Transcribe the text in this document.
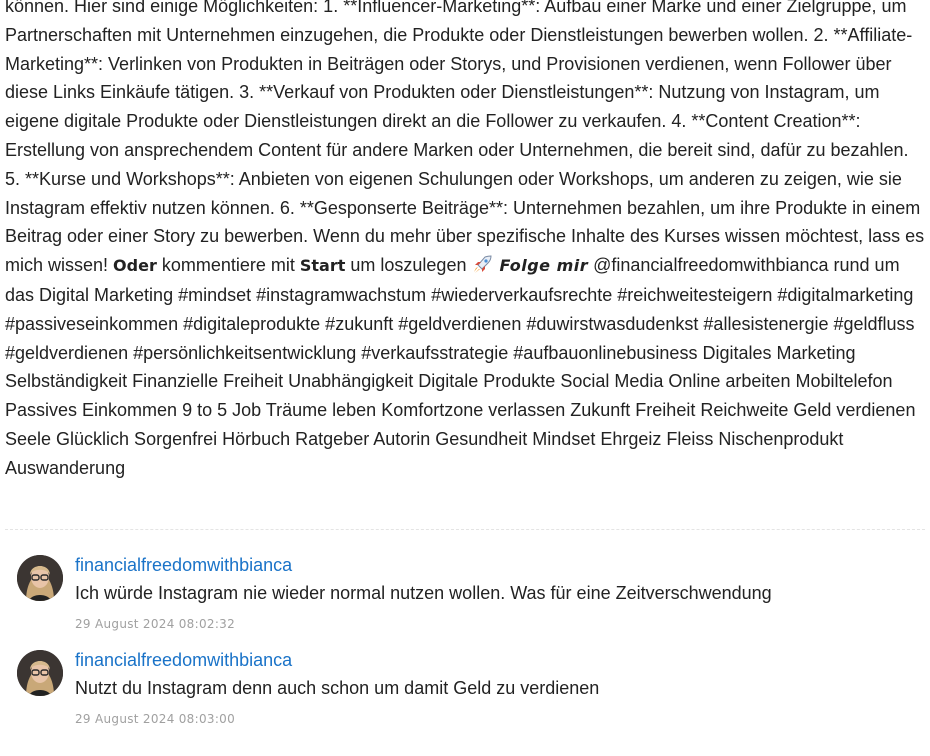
können. Hier sind einige Möglichkeiten: 1. **Influencer-Marketing**: Aufbau einer Marke und einer Zielgruppe, um Partnerschaften mit Unternehmen einzugehen, die Produkte oder Dienstleistungen bewerben wollen. 2. **Affiliate-Marketing**: Verlinken von Produkten in Beiträgen oder Storys, und Provisionen verdienen, wenn Follower über diese Links Einkäufe tätigen. 3. **Verkauf von Produkten oder Dienstleistungen**: Nutzung von Instagram, um eigene digitale Produkte oder Dienstleistungen direkt an die Follower zu verkaufen. 4. **Content Creation**: Erstellung von ansprechendem Content für andere Marken oder Unternehmen, die bereit sind, dafür zu bezahlen. 5. **Kurse und Workshops**: Anbieten von eigenen Schulungen oder Workshops, um anderen zu zeigen, wie sie Instagram effektiv nutzen können. 6. **Gesponserte Beiträge**: Unternehmen bezahlen, um ihre Produkte in einem Beitrag oder einer Story zu bewerben. Wenn du mehr über spezifische Inhalte des Kurses wissen möchtest, lass es mich wissen! Oder kommentiere mit Start um loszulegen  Folge mir @financialfreedomwithbianca rund um das Digital Marketing #mindset #instagramwachstum #wiederverkaufsrechte #reichweitesteigern #digitalmarketing #passiveseinkommen #digitaleprodukte #zukunft #geldverdienen #duwirstwasdudenkst #allesistenergie #geldfluss #geldverdienen #persönlichkeitsentwicklung #verkaufsstrategie #aufbauonlinebusiness Digitales Marketing Selbständigkeit Finanzielle Freiheit Unabhängigkeit Digitale Produkte Social Media Online arbeiten Mobiltelefon Passives Einkommen 9 to 5 Job Träume leben Komfortzone verlassen Zukunft Freiheit Reichweite Geld verdienen Seele Glücklich Sorgenfrei Hörbuch Ratgeber Autorin Gesundheit Mindset Ehrgeiz Fleiss Nischenprodukt Auswanderung
financialfreedomwithbianca
Ich würde Instagram nie wieder normal nutzen wollen. Was für eine Zeitverschwendung
29 August 2024 08:02:32
financialfreedomwithbianca
Nutzt du Instagram denn auch schon um damit Geld zu verdienen
29 August 2024 08:03:00
